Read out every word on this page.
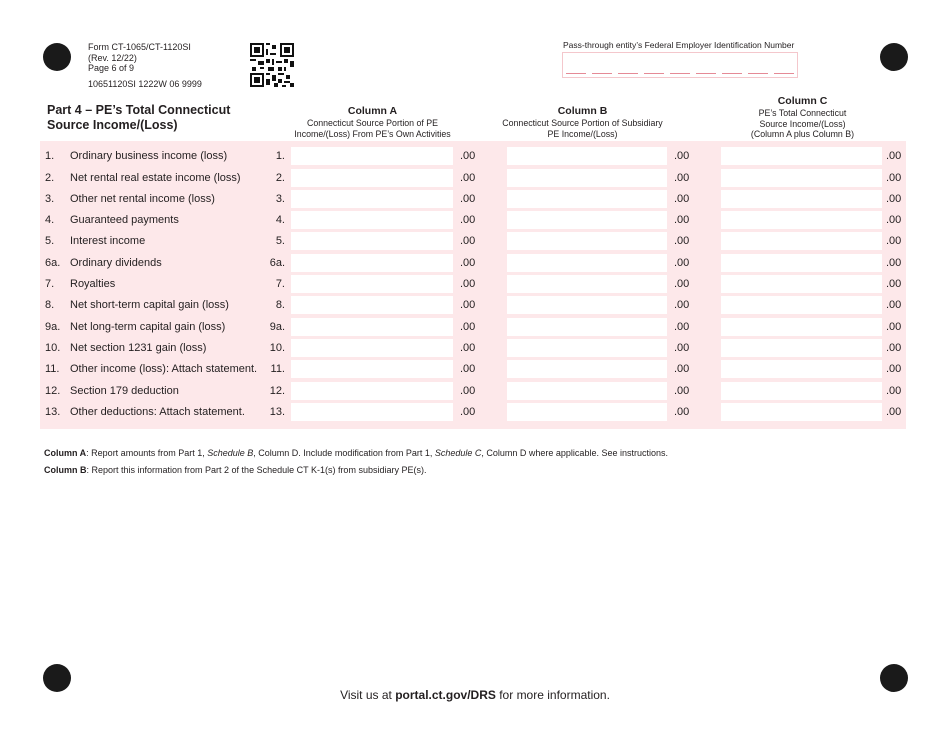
Form CT-1065/CT-1120SI
(Rev. 12/22)
Page 6 of 9
10651120SI 1222W 06 9999
Pass-through entity’s Federal Employer Identification Number
Part 4 – PE’s Total Connecticut
Source Income/(Loss)
Column A
Connecticut Source Portion of PE
Income/(Loss) From PE’s Own Activities
Column B
Connecticut Source Portion of Subsidiary
PE Income/(Loss)
Column C
PE’s Total Connecticut
Source Income/(Loss)
(Column A plus Column B)
1. Ordinary business income (loss)	1.	.00	.00	.00
2. Net rental real estate income (loss)	2.	.00	.00	.00
3. Other net rental income (loss)	3.	.00	.00	.00
4. Guaranteed payments	4.	.00	.00	.00
5. Interest income	5.	.00	.00	.00
6a. Ordinary dividends	6a.	.00	.00	.00
7. Royalties	7.	.00	.00	.00
8. Net short-term capital gain (loss)	8.	.00	.00	.00
9a. Net long-term capital gain (loss)	9a.	.00	.00	.00
10. Net section 1231 gain (loss)	10.	.00	.00	.00
11. Other income (loss): Attach statement.	11.	.00	.00	.00
12. Section 179 deduction	12.	.00	.00	.00
13. Other deductions: Attach statement.	13.	.00	.00	.00
Column A: Report amounts from Part 1, Schedule B, Column D. Include modification from Part 1, Schedule C, Column D where applicable. See instructions.
Column B: Report this information from Part 2 of the Schedule CT K-1(s) from subsidiary PE(s).
Visit us at portal.ct.gov/DRS for more information.
